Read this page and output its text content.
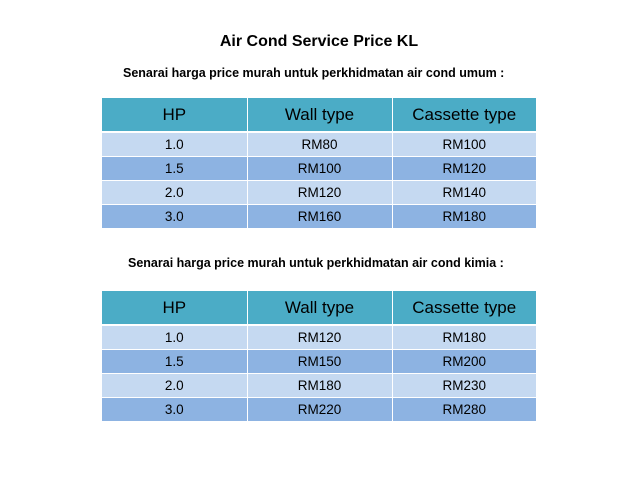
Air Cond Service Price KL
Senarai harga price murah untuk perkhidmatan air cond umum :
HP	Wall type	Cassette type
1.0	RM80	RM100
1.5	RM100	RM120
2.0	RM120	RM140
3.0	RM160	RM180
Senarai harga price murah untuk perkhidmatan air cond kimia :
HP	Wall type	Cassette type
1.0	RM120	RM180
1.5	RM150	RM200
2.0	RM180	RM230
3.0	RM220	RM280
